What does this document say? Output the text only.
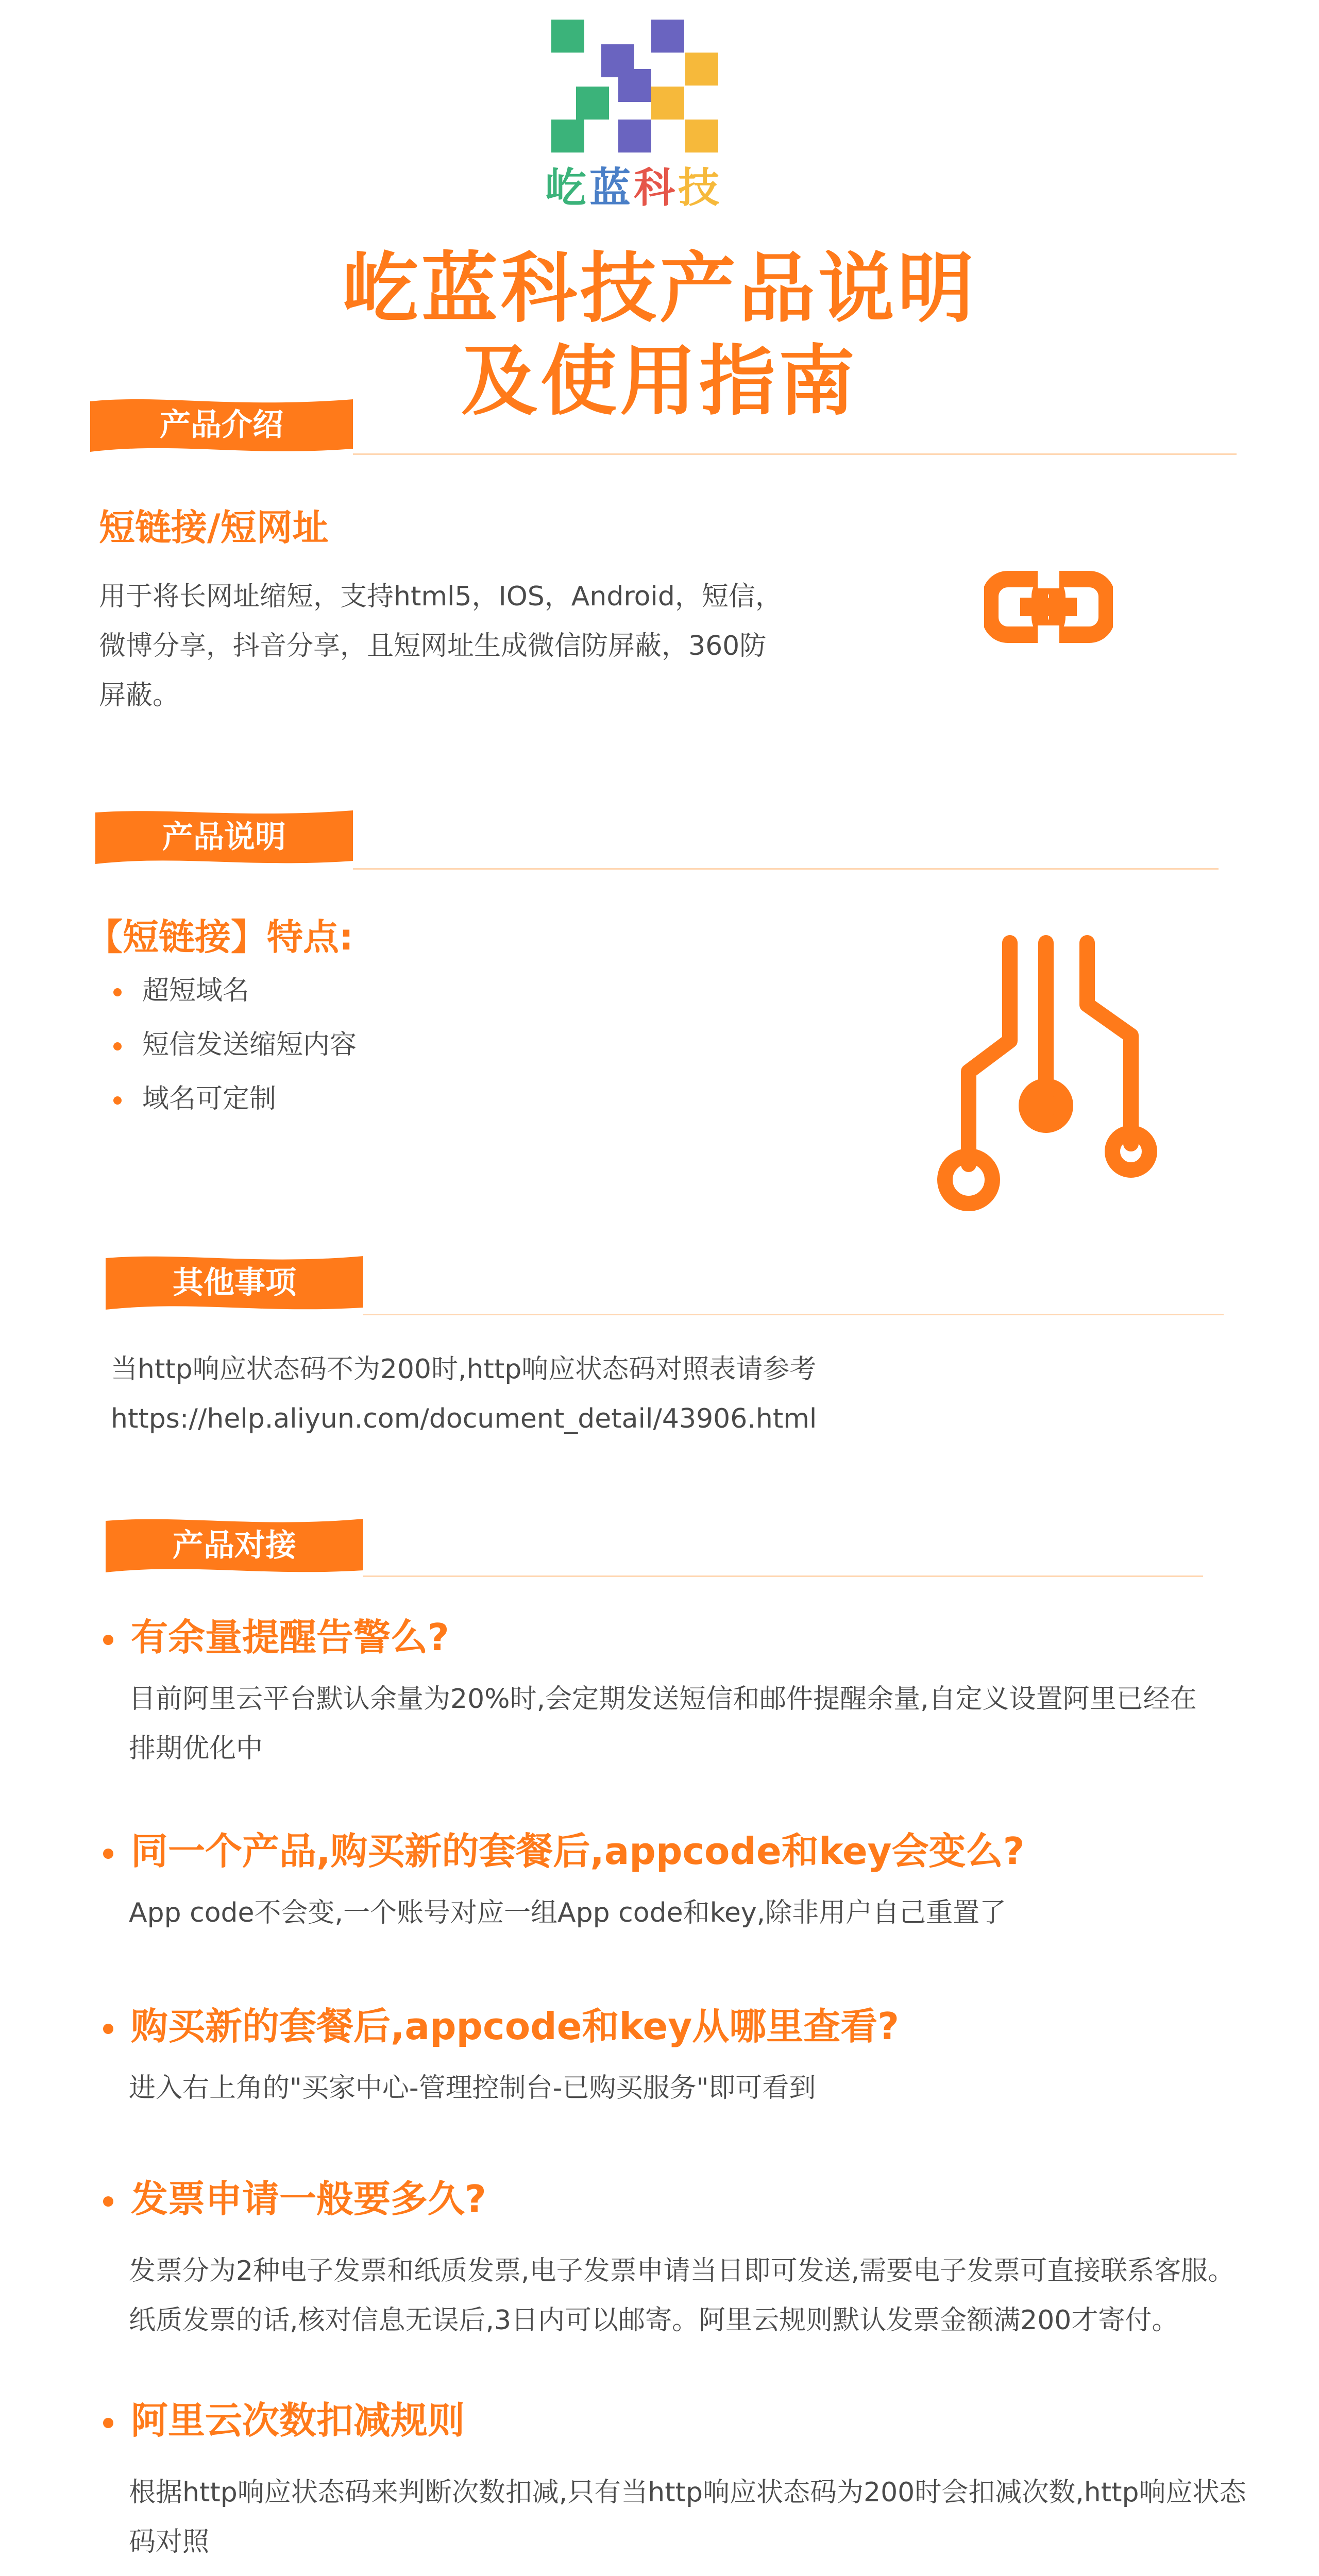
屹蓝科技
屹蓝科技产品说明
及使用指南
产品介绍
短链接/短网址
用于将长网址缩短，支持html5，IOS，Android，短信，
微博分享，抖音分享，且短网址生成微信防屏蔽，360防
屏蔽。
产品说明
【短链接】特点:
超短域名
短信发送缩短内容
域名可定制
其他事项
当http响应状态码不为200时,http响应状态码对照表请参考
https://help.aliyun.com/document_detail/43906.html
产品对接
有余量提醒告警么?
目前阿里云平台默认余量为20%时,会定期发送短信和邮件提醒余量,自定义设置阿里已经在
排期优化中
同一个产品,购买新的套餐后,appcode和key会变么?
App code不会变,一个账号对应一组App code和key,除非用户自己重置了
购买新的套餐后,appcode和key从哪里查看?
进入右上角的"买家中心-管理控制台-已购买服务"即可看到
发票申请一般要多久?
发票分为2种电子发票和纸质发票,电子发票申请当日即可发送,需要电子发票可直接联系客服。
纸质发票的话,核对信息无误后,3日内可以邮寄。阿里云规则默认发票金额满200才寄付。
阿里云次数扣减规则
根据http响应状态码来判断次数扣减,只有当http响应状态码为200时会扣减次数,http响应状态
码对照
